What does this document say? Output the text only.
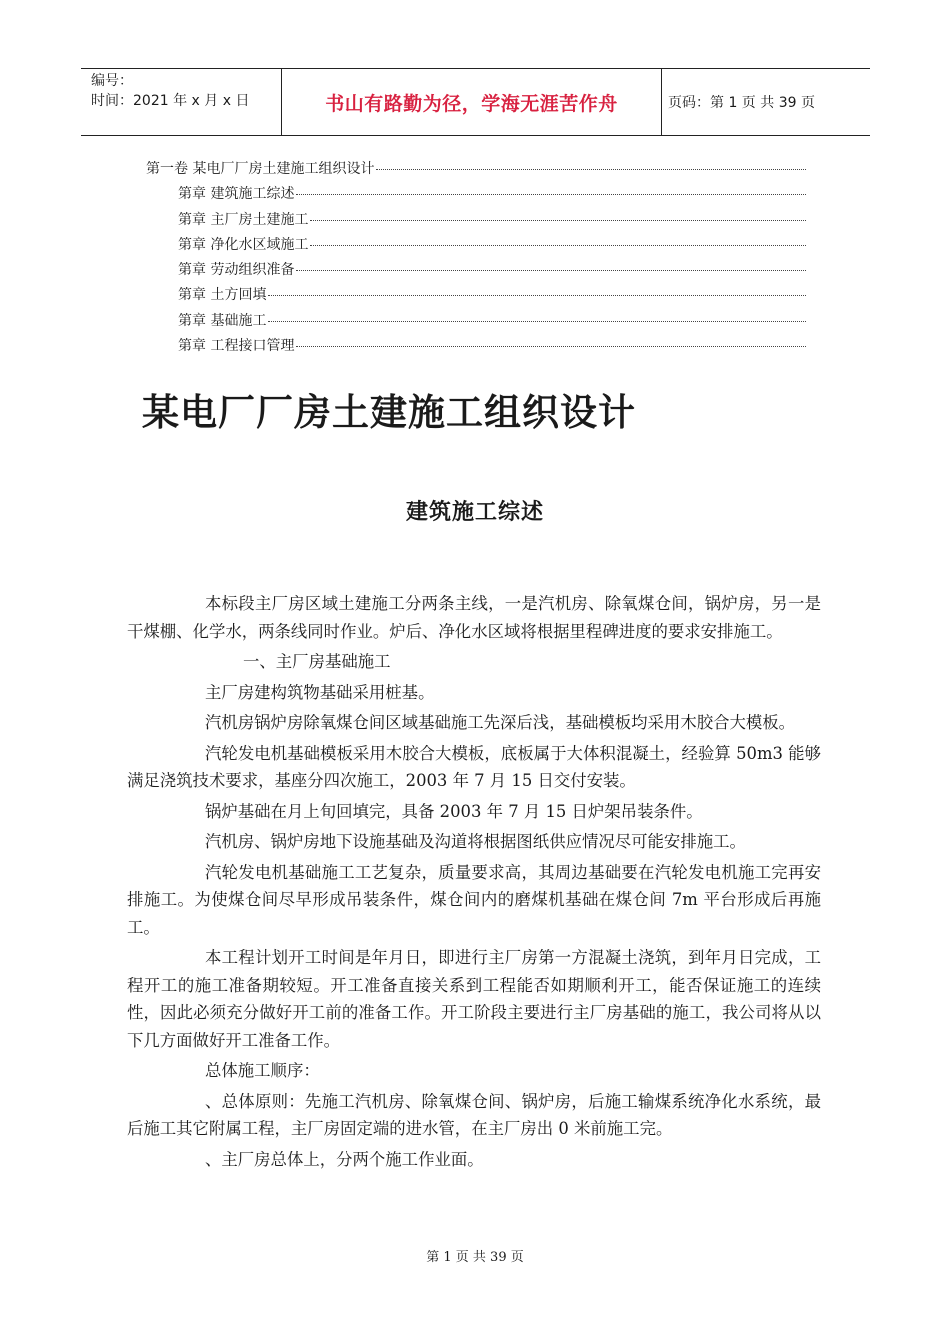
编号：
时间：2021 年 x 月 x 日	书山有路勤为径，学海无涯苦作舟	页码：第 1 页 共 39 页
第一卷 某电厂厂房土建施工组织设计
第章 建筑施工综述
第章 主厂房土建施工
第章 净化水区域施工
第章 劳动组织准备
第章 土方回填
第章 基础施工
第章 工程接口管理
某电厂厂房土建施工组织设计
建筑施工综述

本标段主厂房区域土建施工分两条主线，一是汽机房、除氧煤仓间，锅炉房，另一是干煤棚、化学水，两条线同时作业。炉后、净化水区域将根据里程碑进度的要求安排施工。

一、主厂房基础施工

主厂房建构筑物基础采用桩基。

汽机房锅炉房除氧煤仓间区域基础施工先深后浅，基础模板均采用木胶合大模板。

汽轮发电机基础模板采用木胶合大模板，底板属于大体积混凝土，经验算 50m3 能够满足浇筑技术要求，基座分四次施工，2003 年 7 月 15 日交付安装。

锅炉基础在月上旬回填完，具备 2003 年 7 月 15 日炉架吊装条件。

汽机房、锅炉房地下设施基础及沟道将根据图纸供应情况尽可能安排施工。

汽轮发电机基础施工工艺复杂，质量要求高，其周边基础要在汽轮发电机施工完再安排施工。为使煤仓间尽早形成吊装条件，煤仓间内的磨煤机基础在煤仓间 7m 平台形成后再施工。

本工程计划开工时间是年月日，即进行主厂房第一方混凝土浇筑，到年月日完成，工程开工的施工准备期较短。开工准备直接关系到工程能否如期顺利开工，能否保证施工的连续性，因此必须充分做好开工前的准备工作。开工阶段主要进行主厂房基础的施工，我公司将从以下几方面做好开工准备工作。

总体施工顺序：

、总体原则：先施工汽机房、除氧煤仓间、锅炉房，后施工输煤系统净化水系统，最后施工其它附属工程，主厂房固定端的进水管，在主厂房出 0 米前施工完。

、主厂房总体上，分两个施工作业面。

第 1 页 共 39 页
